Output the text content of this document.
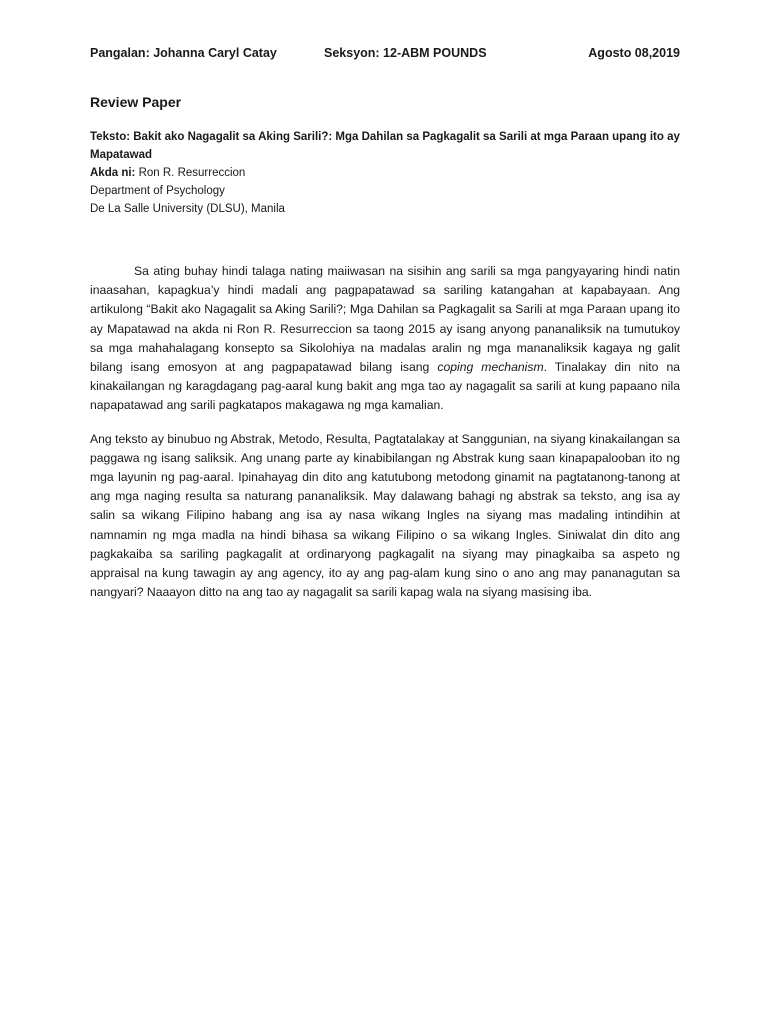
Pangalan: Johanna Caryl Catay	Seksyon: 12-ABM POUNDS	Agosto 08,2019
Review Paper
Teksto: Bakit ako Nagagalit sa Aking Sarili?: Mga Dahilan sa Pagkagalit sa Sarili at mga Paraan upang ito ay Mapatawad
Akda ni: Ron R. Resurreccion
Department of Psychology
De La Salle University (DLSU), Manila

Sa ating buhay hindi talaga nating maiiwasan na sisihin ang sarili sa mga pangyayaring hindi natin inaasahan, kapagkua’y hindi madali ang pagpapatawad sa sariling katangahan at kapabayaan. Ang artikulong “Bakit ako Nagagalit sa Aking Sarili?; Mga Dahilan sa Pagkagalit sa Sarili at mga Paraan upang ito ay Mapatawad na akda ni Ron R. Resurreccion sa taong 2015 ay isang anyong pananaliksik na tumutukoy sa mga mahahalagang konsepto sa Sikolohiya na madalas aralin ng mga mananaliksik kagaya ng galit bilang isang emosyon at ang pagpapatawad bilang isang coping mechanism. Tinalakay din nito na kinakailangan ng karagdagang pag-aaral kung bakit ang mga tao ay nagagalit sa sarili at kung papaano nila napapatawad ang sarili pagkatapos makagawa ng mga kamalian.

Ang teksto ay binubuo ng Abstrak, Metodo, Resulta, Pagtatalakay at Sanggunian, na siyang kinakailangan sa paggawa ng isang saliksik. Ang unang parte ay kinabibilangan ng Abstrak kung saan kinapapalooban ito ng mga layunin ng pag-aaral. Ipinahayag din dito ang katutubong metodong ginamit na pagtatanong-tanong at ang mga naging resulta sa naturang pananaliksik. May dalawang bahagi ng abstrak sa teksto, ang isa ay salin sa wikang Filipino habang ang isa ay nasa wikang Ingles na siyang mas madaling intindihin at namnamin ng mga madla na hindi bihasa sa wikang Filipino o sa wikang Ingles. Siniwalat din dito ang pagkakaiba sa sariling pagkagalit at ordinaryong pagkagalit na siyang may pinagkaiba sa aspeto ng appraisal na kung tawagin ay ang agency, ito ay ang pag-alam kung sino o ano ang may pananagutan sa nangyari? Naaayon ditto na ang tao ay nagagalit sa sarili kapag wala na siyang masising iba.
